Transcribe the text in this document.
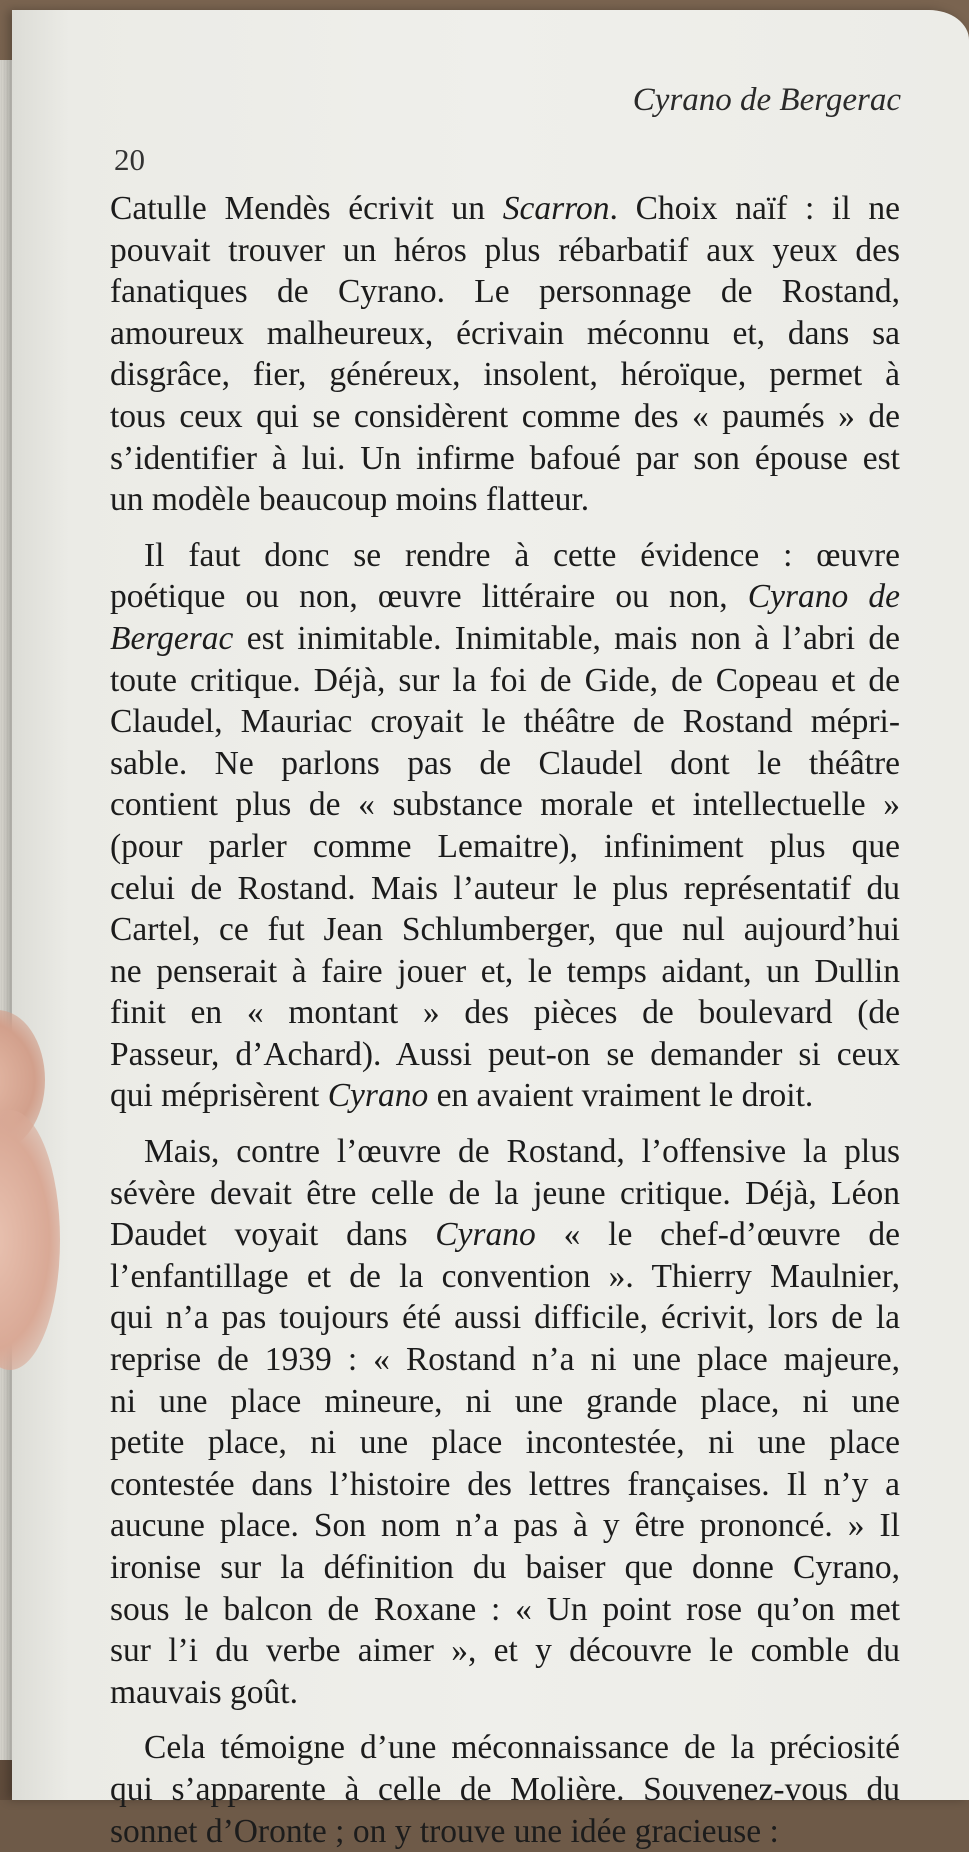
Cyrano de Bergerac
20
Catulle Mendès écrivit un Scarron. Choix naïf : il ne
pouvait trouver un héros plus rébarbatif aux yeux des
fanatiques de Cyrano. Le personnage de Rostand,
amoureux malheureux, écrivain méconnu et, dans sa
disgrâce, fier, généreux, insolent, héroïque, permet à
tous ceux qui se considèrent comme des « paumés » de
s’identifier à lui. Un infirme bafoué par son épouse est
un modèle beaucoup moins flatteur.
Il faut donc se rendre à cette évidence : œuvre
poétique ou non, œuvre littéraire ou non, Cyrano de
Bergerac est inimitable. Inimitable, mais non à l’abri de
toute critique. Déjà, sur la foi de Gide, de Copeau et de
Claudel, Mauriac croyait le théâtre de Rostand mépri-
sable. Ne parlons pas de Claudel dont le théâtre
contient plus de « substance morale et intellectuelle »
(pour parler comme Lemaitre), infiniment plus que
celui de Rostand. Mais l’auteur le plus représentatif du
Cartel, ce fut Jean Schlumberger, que nul aujourd’hui
ne penserait à faire jouer et, le temps aidant, un Dullin
finit en « montant » des pièces de boulevard (de
Passeur, d’Achard). Aussi peut-on se demander si ceux
qui méprisèrent Cyrano en avaient vraiment le droit.
Mais, contre l’œuvre de Rostand, l’offensive la plus
sévère devait être celle de la jeune critique. Déjà, Léon
Daudet voyait dans Cyrano « le chef-d’œuvre de
l’enfantillage et de la convention ». Thierry Maulnier,
qui n’a pas toujours été aussi difficile, écrivit, lors de la
reprise de 1939 : « Rostand n’a ni une place majeure,
ni une place mineure, ni une grande place, ni une
petite place, ni une place incontestée, ni une place
contestée dans l’histoire des lettres françaises. Il n’y a
aucune place. Son nom n’a pas à y être prononcé. » Il
ironise sur la définition du baiser que donne Cyrano,
sous le balcon de Roxane : « Un point rose qu’on met
sur l’i du verbe aimer », et y découvre le comble du
mauvais goût.
Cela témoigne d’une méconnaissance de la préciosité
qui s’apparente à celle de Molière. Souvenez-vous du
sonnet d’Oronte ; on y trouve une idée gracieuse :
